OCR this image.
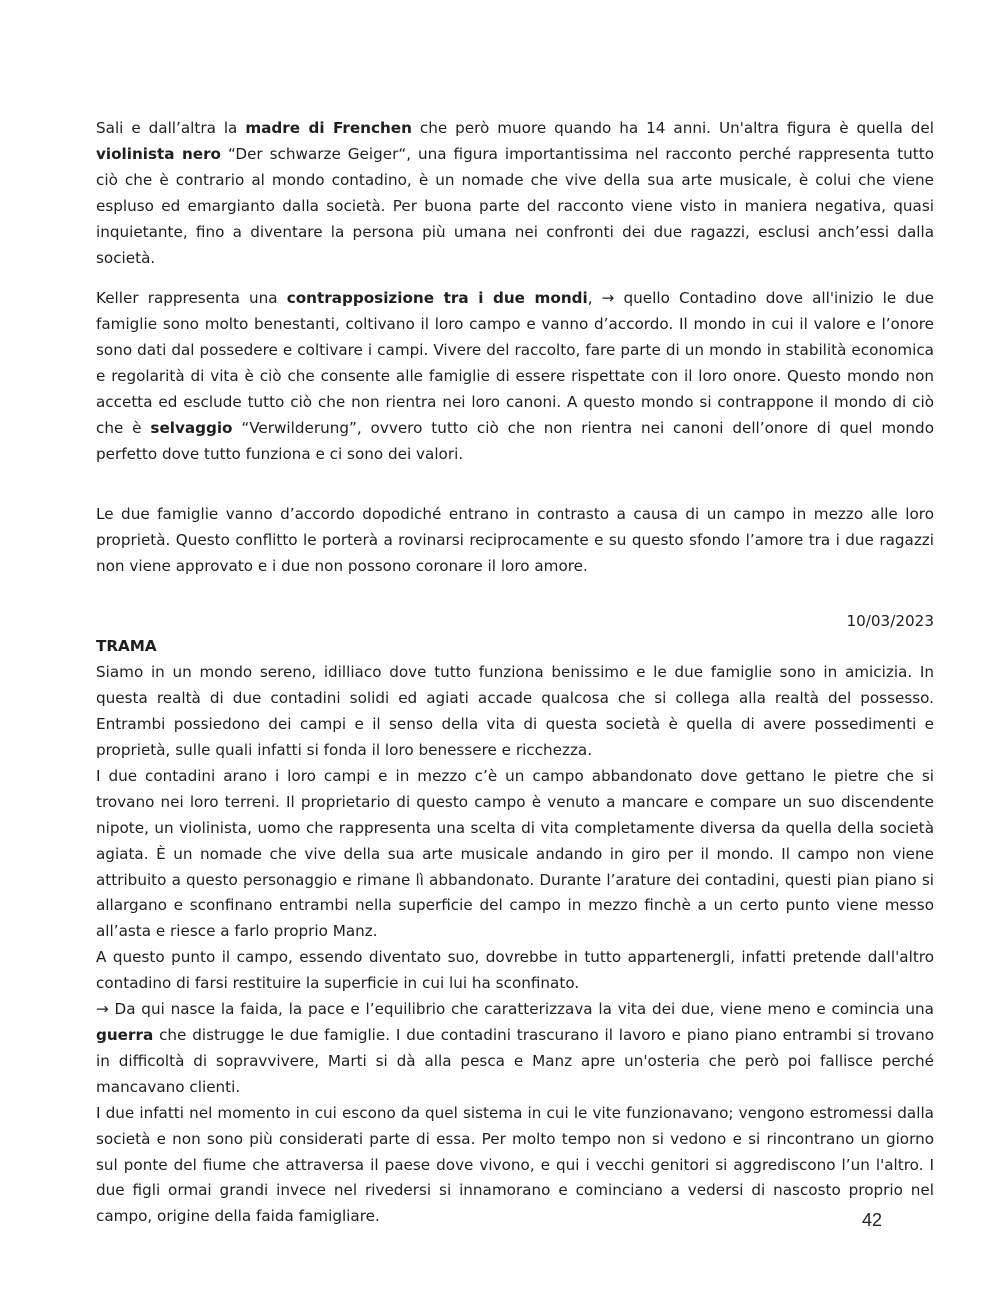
Sali e dall’altra la madre di Frenchen che però muore quando ha 14 anni. Un'altra figura è quella del violinista nero “Der schwarze Geiger“, una figura importantissima nel racconto perché rappresenta tutto ciò che è contrario al mondo contadino, è un nomade che vive della sua arte musicale, è colui che viene espluso ed emargianto dalla società. Per buona parte del racconto viene visto in maniera negativa, quasi inquietante, fino a diventare la persona più umana nei confronti dei due ragazzi, esclusi anch’essi dalla società.

Keller rappresenta una contrapposizione tra i due mondi, → quello Contadino dove all'inizio le due famiglie sono molto benestanti, coltivano il loro campo e vanno d’accordo. Il mondo in cui il valore e l’onore sono dati dal possedere e coltivare i campi. Vivere del raccolto, fare parte di un mondo in stabilità economica e regolarità di vita è ciò che consente alle famiglie di essere rispettate con il loro onore. Questo mondo non accetta ed esclude tutto ciò che non rientra nei loro canoni. A questo mondo si contrappone il mondo di ciò che è selvaggio “Verwilderung”, ovvero tutto ciò che non rientra nei canoni dell’onore di quel mondo perfetto dove tutto funziona e ci sono dei valori.

Le due famiglie vanno d’accordo dopodiché entrano in contrasto a causa di un campo in mezzo alle loro proprietà. Questo conflitto le porterà a rovinarsi reciprocamente e su questo sfondo l’amore tra i due ragazzi non viene approvato e i due non possono coronare il loro amore.

10/03/2023

TRAMA

Siamo in un mondo sereno, idilliaco dove tutto funziona benissimo e le due famiglie sono in amicizia. In questa realtà di due contadini solidi ed agiati accade qualcosa che si collega alla realtà del possesso. Entrambi possiedono dei campi e il senso della vita di questa società è quella di avere possedimenti e proprietà, sulle quali infatti si fonda il loro benessere e ricchezza.

I due contadini arano i loro campi e in mezzo c’è un campo abbandonato dove gettano le pietre che si trovano nei loro terreni. Il proprietario di questo campo è venuto a mancare e compare un suo discendente nipote, un violinista, uomo che rappresenta una scelta di vita completamente diversa da quella della società agiata. È un nomade che vive della sua arte musicale andando in giro per il mondo. Il campo non viene attribuito a questo personaggio e rimane lì abbandonato. Durante l’arature dei contadini, questi pian piano si allargano e sconfinano entrambi nella superficie del campo in mezzo finchè a un certo punto viene messo all’asta e riesce a farlo proprio Manz.

A questo punto il campo, essendo diventato suo, dovrebbe in tutto appartenergli, infatti pretende dall'altro contadino di farsi restituire la superficie in cui lui ha sconfinato.

→ Da qui nasce la faida, la pace e l’equilibrio che caratterizzava la vita dei due, viene meno e comincia una guerra che distrugge le due famiglie. I due contadini trascurano il lavoro e piano piano entrambi si trovano in difficoltà di sopravvivere, Marti si dà alla pesca e Manz apre un'osteria che però poi fallisce perché mancavano clienti.

I due infatti nel momento in cui escono da quel sistema in cui le vite funzionavano; vengono estromessi dalla società e non sono più considerati parte di essa. Per molto tempo non si vedono e si rincontrano un giorno sul ponte del fiume che attraversa il paese dove vivono, e qui i vecchi genitori si aggrediscono l’un l'altro. I due figli ormai grandi invece nel rivedersi si innamorano e cominciano a vedersi di nascosto proprio nel campo, origine della faida famigliare.	42
